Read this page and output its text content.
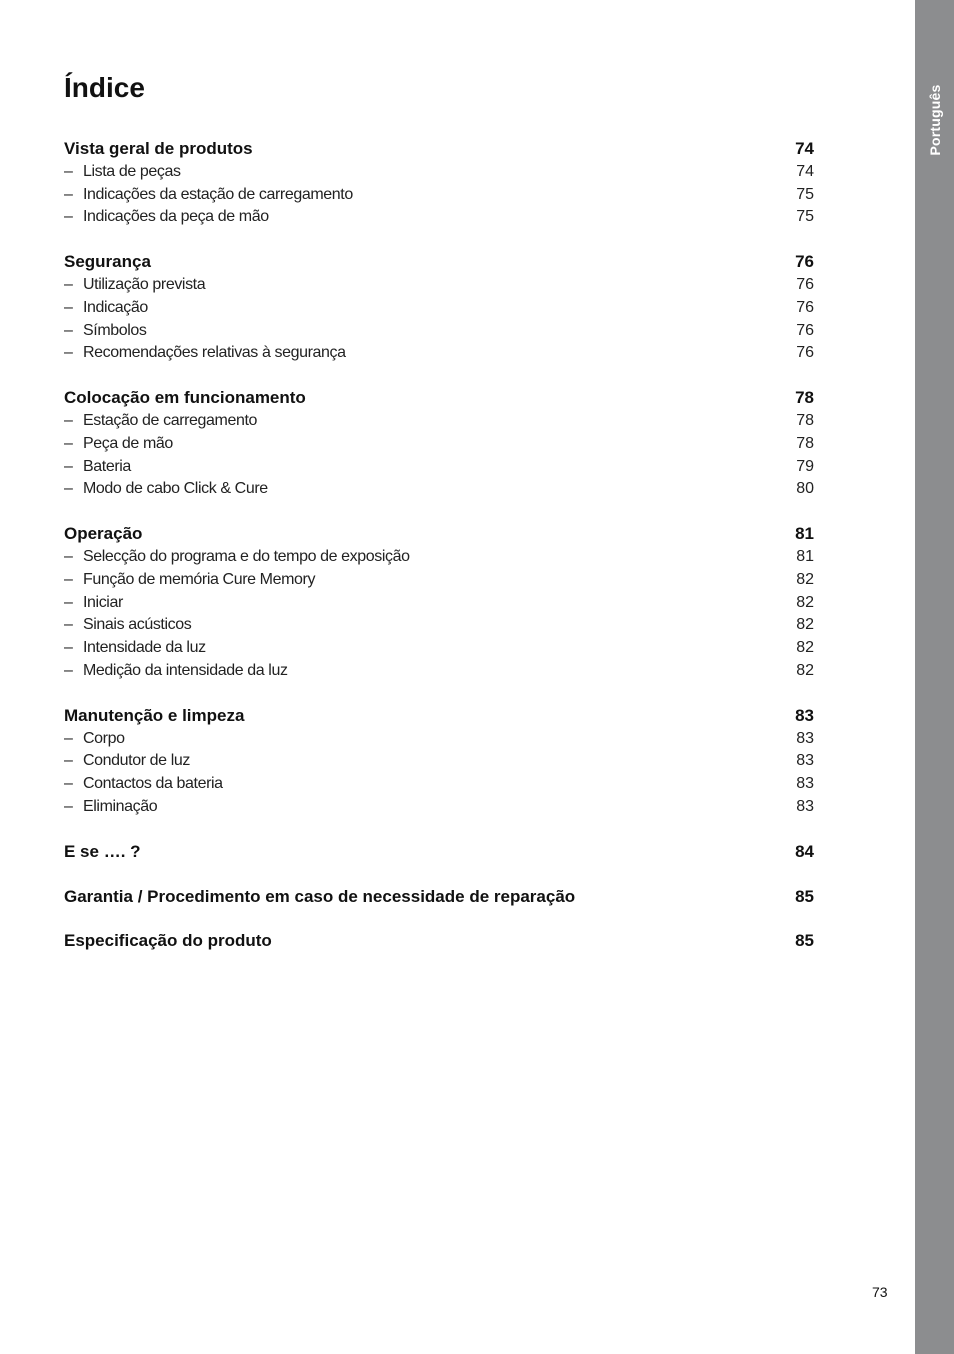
Português
Índice
Vista geral de produtos	74
– Lista de peças	74
– Indicações da estação de carregamento	75
– Indicações da peça de mão	75
Segurança	76
– Utilização prevista	76
– Indicação	76
– Símbolos	76
– Recomendações relativas à segurança	76
Colocação em funcionamento	78
– Estação de carregamento	78
– Peça de mão	78
– Bateria	79
– Modo de cabo Click & Cure	80
Operação	81
– Selecção do programa e do tempo de exposição	81
– Função de memória Cure Memory	82
– Iniciar	82
– Sinais acústicos	82
– Intensidade da luz	82
– Medição da intensidade da luz	82
Manutenção e limpeza	83
– Corpo	83
– Condutor de luz	83
– Contactos da bateria	83
– Eliminação	83
E se …. ?	84
Garantia / Procedimento em caso de necessidade de reparação	85
Especificação do produto	85
73
